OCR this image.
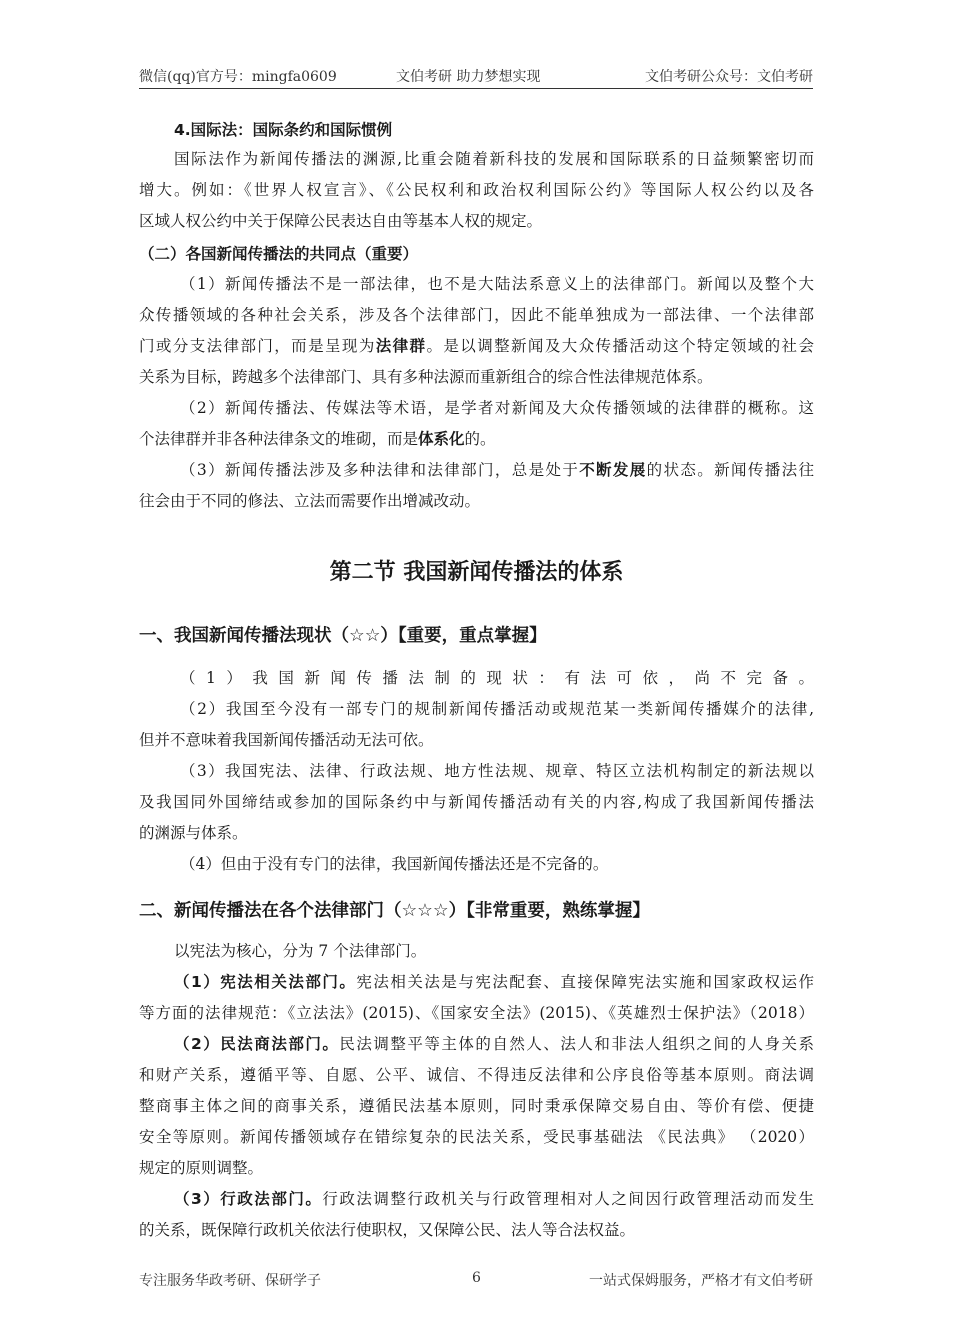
微信(qq)官方号：mingfa0609	文伯考研 助力梦想实现	文伯考研公众号：文伯考研
4.国际法：国际条约和国际惯例
国际法作为新闻传播法的渊源,比重会随着新科技的发展和国际联系的日益频繁密切而
增大。例如：《世界人权宣言》、《公民权利和政治权利国际公约》等国际人权公约以及各
区域人权公约中关于保障公民表达自由等基本人权的规定。
（二）各国新闻传播法的共同点（重要）
（1）新闻传播法不是一部法律，也不是大陆法系意义上的法律部门。新闻以及整个大
众传播领域的各种社会关系，涉及各个法律部门，因此不能单独成为一部法律、一个法律部
门或分支法律部门，而是呈现为法律群。是以调整新闻及大众传播活动这个特定领域的社会
关系为目标，跨越多个法律部门、具有多种法源而重新组合的综合性法律规范体系。
（2）新闻传播法、传媒法等术语，是学者对新闻及大众传播领域的法律群的概称。这
个法律群并非各种法律条文的堆砌，而是体系化的。
（3）新闻传播法涉及多种法律和法律部门，总是处于不断发展的状态。新闻传播法往
往会由于不同的修法、立法而需要作出增减改动。
第二节 我国新闻传播法的体系
一、我国新闻传播法现状（☆☆）【重要，重点掌握】
（1）我国新闻传播法制的现状：有法可依，尚不完备。
（2）我国至今没有一部专门的规制新闻传播活动或规范某一类新闻传播媒介的法律,
但并不意味着我国新闻传播活动无法可依。
（3）我国宪法、法律、行政法规、地方性法规、规章、特区立法机构制定的新法规以
及我国同外国缔结或参加的国际条约中与新闻传播活动有关的内容,构成了我国新闻传播法
的渊源与体系。
（4）但由于没有专门的法律，我国新闻传播法还是不完备的。
二、新闻传播法在各个法律部门（☆☆☆）【非常重要，熟练掌握】
以宪法为核心，分为 7 个法律部门。
（1）宪法相关法部门。宪法相关法是与宪法配套、直接保障宪法实施和国家政权运作
等方面的法律规范：《立法法》(2015)、《国家安全法》(2015)、《英雄烈士保护法》（2018）
（2）民法商法部门。民法调整平等主体的自然人、法人和非法人组织之间的人身关系
和财产关系，遵循平等、自愿、公平、诚信、不得违反法律和公序良俗等基本原则。商法调
整商事主体之间的商事关系，遵循民法基本原则，同时秉承保障交易自由、等价有偿、便捷
安全等原则。新闻传播领域存在错综复杂的民法关系，受民事基础法 《民法典》 （2020）
规定的原则调整。
（3）行政法部门。行政法调整行政机关与行政管理相对人之间因行政管理活动而发生
的关系，既保障行政机关依法行使职权，又保障公民、法人等合法权益。
专注服务华政考研、保研学子	6	一站式保姆服务，严格才有文伯考研
